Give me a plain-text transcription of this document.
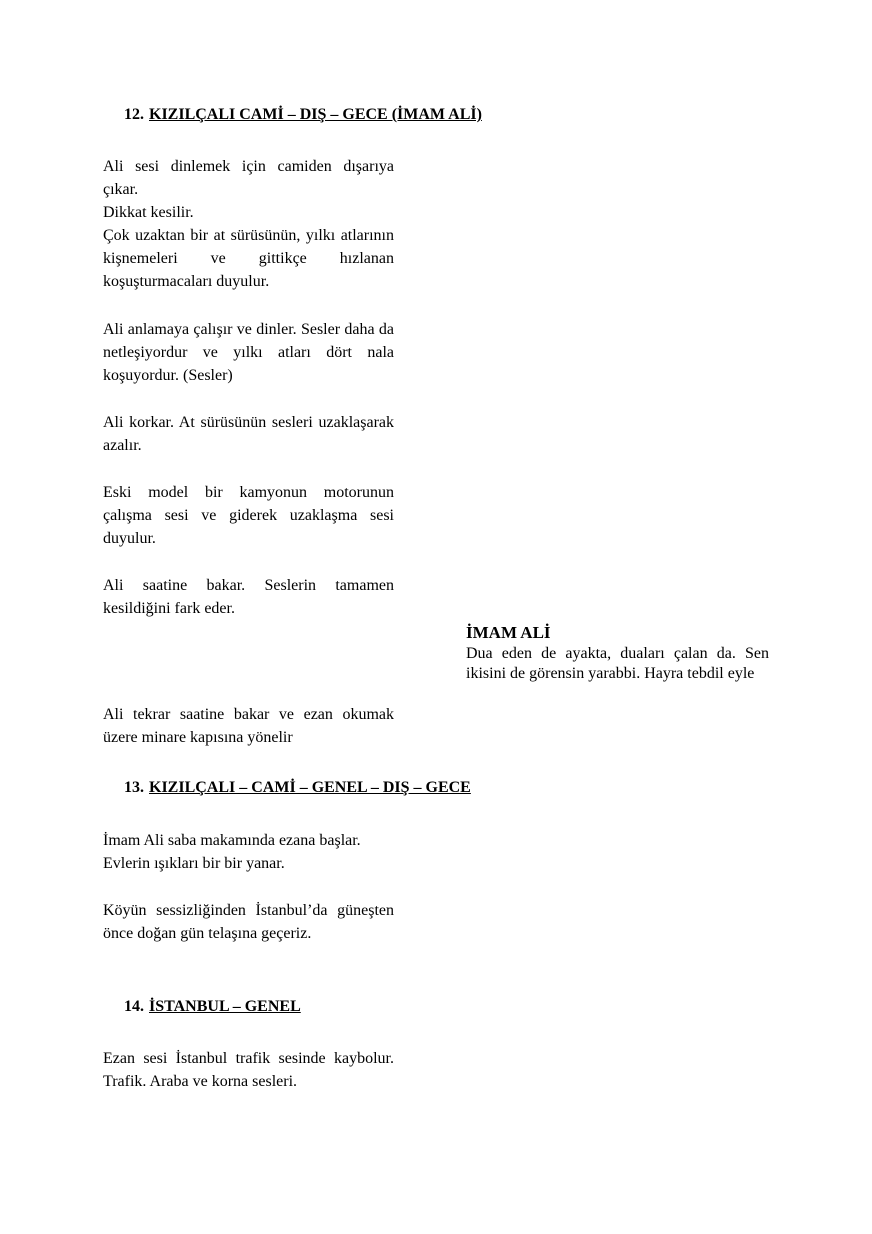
12. KIZILÇALI CAMİ – DIŞ – GECE (İMAM ALİ)
Ali sesi dinlemek için camiden dışarıya çıkar.
Dikkat kesilir.
Çok uzaktan bir at sürüsünün, yılkı atlarının kişnemeleri ve gittikçe hızlanan koşuşturmacaları duyulur.
Ali anlamaya çalışır ve dinler. Sesler daha da netleşiyordur ve yılkı atları dört nala koşuyordur. (Sesler)
Ali korkar. At sürüsünün sesleri uzaklaşarak azalır.
Eski model bir kamyonun motorunun çalışma sesi ve giderek uzaklaşma sesi duyulur.
Ali saatine bakar. Seslerin tamamen kesildiğini fark eder.
İMAM ALİ
Dua eden de ayakta, duaları çalan da. Sen ikisini de görensin yarabbi. Hayra tebdil eyle
Ali tekrar saatine bakar ve ezan okumak üzere minare kapısına yönelir
13. KIZILÇALI – CAMİ – GENEL – DIŞ – GECE
İmam Ali saba makamında ezana başlar.
Evlerin ışıkları bir bir yanar.
Köyün sessizliğinden İstanbul’da güneşten önce doğan gün telaşına geçeriz.
14. İSTANBUL – GENEL
Ezan sesi İstanbul trafik sesinde kaybolur. Trafik. Araba ve korna sesleri.
